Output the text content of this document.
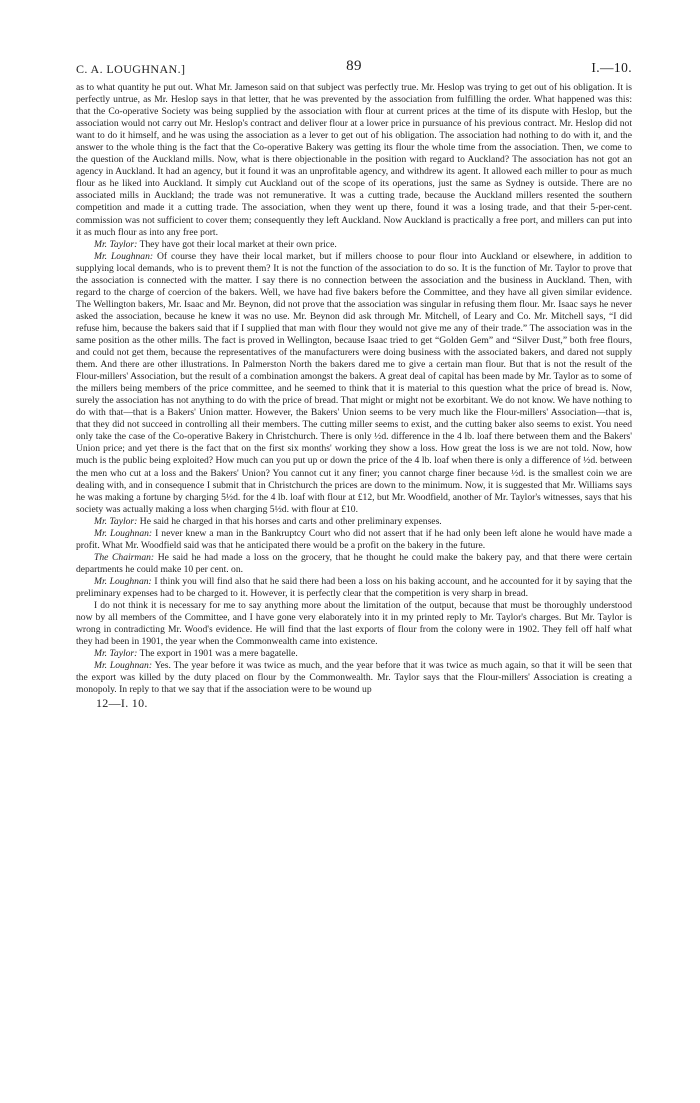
C. A. LOUGHNAN.]	89	I.—10.

as to what quantity he put out. What Mr. Jameson said on that subject was perfectly true. Mr. Heslop was trying to get out of his obligation. It is perfectly untrue, as Mr. Heslop says in that letter, that he was prevented by the association from fulfilling the order. What happened was this: that the Co-operative Society was being supplied by the association with flour at current prices at the time of its dispute with Heslop, but the association would not carry out Mr. Heslop's contract and deliver flour at a lower price in pursuance of his previous contract. Mr. Heslop did not want to do it himself, and he was using the association as a lever to get out of his obligation. The association had nothing to do with it, and the answer to the whole thing is the fact that the Co-operative Bakery was getting its flour the whole time from the association. Then, we come to the question of the Auckland mills. Now, what is there objectionable in the position with regard to Auckland? The association has not got an agency in Auckland. It had an agency, but it found it was an unprofitable agency, and withdrew its agent. It allowed each miller to pour as much flour as he liked into Auckland. It simply cut Auckland out of the scope of its operations, just the same as Sydney is outside. There are no associated mills in Auckland; the trade was not remunerative. It was a cutting trade, because the Auckland millers resented the southern competition and made it a cutting trade. The association, when they went up there, found it was a losing trade, and that their 5-per-cent. commission was not sufficient to cover them; consequently they left Auckland. Now Auckland is practically a free port, and millers can put into it as much flour as into any free port.

Mr. Taylor: They have got their local market at their own price.

Mr. Loughnan: Of course they have their local market, but if millers choose to pour flour into Auckland or elsewhere, in addition to supplying local demands, who is to prevent them? It is not the function of the association to do so. It is the function of Mr. Taylor to prove that the association is connected with the matter. I say there is no connection between the association and the business in Auckland. Then, with regard to the charge of coercion of the bakers. Well, we have had five bakers before the Committee, and they have all given similar evidence. The Wellington bakers, Mr. Isaac and Mr. Beynon, did not prove that the association was singular in refusing them flour. Mr. Isaac says he never asked the association, because he knew it was no use. Mr. Beynon did ask through Mr. Mitchell, of Leary and Co. Mr. Mitchell says, “I did refuse him, because the bakers said that if I supplied that man with flour they would not give me any of their trade.” The association was in the same position as the other mills. The fact is proved in Wellington, because Isaac tried to get “Golden Gem” and “Silver Dust,” both free flours, and could not get them, because the representatives of the manufacturers were doing business with the associated bakers, and dared not supply them. And there are other illustrations. In Palmerston North the bakers dared me to give a certain man flour. But that is not the result of the Flour-millers' Association, but the result of a combination amongst the bakers. A great deal of capital has been made by Mr. Taylor as to some of the millers being members of the price committee, and he seemed to think that it is material to this question what the price of bread is. Now, surely the association has not anything to do with the price of bread. That might or might not be exorbitant. We do not know. We have nothing to do with that—that is a Bakers' Union matter. However, the Bakers' Union seems to be very much like the Flour-millers' Association—that is, that they did not succeed in controlling all their members. The cutting miller seems to exist, and the cutting baker also seems to exist. You need only take the case of the Co-operative Bakery in Christchurch. There is only ½d. difference in the 4 lb. loaf there between them and the Bakers' Union price; and yet there is the fact that on the first six months' working they show a loss. How great the loss is we are not told. Now, how much is the public being exploited? How much can you put up or down the price of the 4 lb. loaf when there is only a difference of ½d. between the men who cut at a loss and the Bakers' Union? You cannot cut it any finer; you cannot charge finer because ½d. is the smallest coin we are dealing with, and in consequence I submit that in Christchurch the prices are down to the minimum. Now, it is suggested that Mr. Williams says he was making a fortune by charging 5½d. for the 4 lb. loaf with flour at £12, but Mr. Woodfield, another of Mr. Taylor's witnesses, says that his society was actually making a loss when charging 5½d. with flour at £10.

Mr. Taylor: He said he charged in that his horses and carts and other preliminary expenses.

Mr. Loughnan: I never knew a man in the Bankruptcy Court who did not assert that if he had only been left alone he would have made a profit. What Mr. Woodfield said was that he anticipated there would be a profit on the bakery in the future.

The Chairman: He said he had made a loss on the grocery, that he thought he could make the bakery pay, and that there were certain departments he could make 10 per cent. on.

Mr. Loughnan: I think you will find also that he said there had been a loss on his baking account, and he accounted for it by saying that the preliminary expenses had to be charged to it. However, it is perfectly clear that the competition is very sharp in bread.

I do not think it is necessary for me to say anything more about the limitation of the output, because that must be thoroughly understood now by all members of the Committee, and I have gone very elaborately into it in my printed reply to Mr. Taylor's charges. But Mr. Taylor is wrong in contradicting Mr. Wood's evidence. He will find that the last exports of flour from the colony were in 1902. They fell off half what they had been in 1901, the year when the Commonwealth came into existence.

Mr. Taylor: The export in 1901 was a mere bagatelle.

Mr. Loughnan: Yes. The year before it was twice as much, and the year before that it was twice as much again, so that it will be seen that the export was killed by the duty placed on flour by the Commonwealth. Mr. Taylor says that the Flour-millers' Association is creating a monopoly. In reply to that we say that if the association were to be wound up

12—I. 10.
